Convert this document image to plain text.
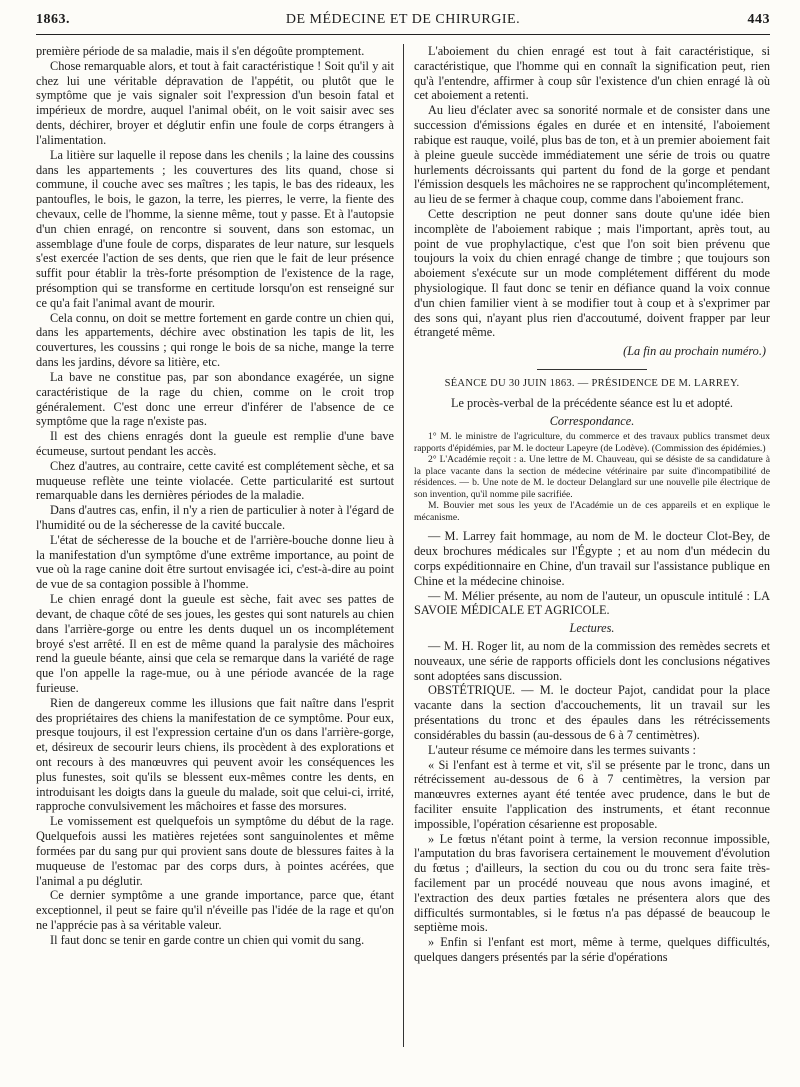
1863.	DE MÉDECINE ET DE CHIRURGIE.	443

première période de sa maladie, mais il s'en dégoûte promptement.

Chose remarquable alors, et tout à fait caractéristique ! Soit qu'il y ait chez lui une véritable dépravation de l'appétit, ou plutôt que le symptôme que je vais signaler soit l'expression d'un besoin fatal et impérieux de mordre, auquel l'animal obéit, on le voit saisir avec ses dents, déchirer, broyer et déglutir enfin une foule de corps étrangers à l'alimentation.

La litière sur laquelle il repose dans les chenils ; la laine des coussins dans les appartements ; les couvertures des lits quand, chose si commune, il couche avec ses maîtres ; les tapis, le bas des rideaux, les pantoufles, le bois, le gazon, la terre, les pierres, le verre, la fiente des chevaux, celle de l'homme, la sienne même, tout y passe. Et à l'autopsie d'un chien enragé, on rencontre si souvent, dans son estomac, un assemblage d'une foule de corps, disparates de leur nature, sur lesquels s'est exercée l'action de ses dents, que rien que le fait de leur présence suffit pour établir la très-forte présomption de l'existence de la rage, présomption qui se transforme en certitude lorsqu'on est renseigné sur ce qu'a fait l'animal avant de mourir.

Cela connu, on doit se mettre fortement en garde contre un chien qui, dans les appartements, déchire avec obstination les tapis de lit, les couvertures, les coussins ; qui ronge le bois de sa niche, mange la terre dans les jardins, dévore sa litière, etc.

La bave ne constitue pas, par son abondance exagérée, un signe caractéristique de la rage du chien, comme on le croit trop généralement. C'est donc une erreur d'inférer de l'absence de ce symptôme que la rage n'existe pas.

Il est des chiens enragés dont la gueule est remplie d'une bave écumeuse, surtout pendant les accès.

Chez d'autres, au contraire, cette cavité est complétement sèche, et sa muqueuse reflète une teinte violacée. Cette particularité est surtout remarquable dans les dernières périodes de la maladie.

Dans d'autres cas, enfin, il n'y a rien de particulier à noter à l'égard de l'humidité ou de la sécheresse de la cavité buccale.

L'état de sécheresse de la bouche et de l'arrière-bouche donne lieu à la manifestation d'un symptôme d'une extrême importance, au point de vue où la rage canine doit être surtout envisagée ici, c'est-à-dire au point de vue de sa contagion possible à l'homme.

Le chien enragé dont la gueule est sèche, fait avec ses pattes de devant, de chaque côté de ses joues, les gestes qui sont naturels au chien dans l'arrière-gorge ou entre les dents duquel un os incomplétement broyé s'est arrêté. Il en est de même quand la paralysie des mâchoires rend la gueule béante, ainsi que cela se remarque dans la variété de rage que l'on appelle la rage-mue, ou à une période avancée de la rage furieuse.

Rien de dangereux comme les illusions que fait naître dans l'esprit des propriétaires des chiens la manifestation de ce symptôme. Pour eux, presque toujours, il est l'expression certaine d'un os dans l'arrière-gorge, et, désireux de secourir leurs chiens, ils procèdent à des explorations et ont recours à des manœuvres qui peuvent avoir les conséquences les plus funestes, soit qu'ils se blessent eux-mêmes contre les dents, en introduisant les doigts dans la gueule du malade, soit que celui-ci, irrité, rapproche convulsivement les mâchoires et fasse des morsures.

Le vomissement est quelquefois un symptôme du début de la rage. Quelquefois aussi les matières rejetées sont sanguinolentes et même formées par du sang pur qui provient sans doute de blessures faites à la muqueuse de l'estomac par des corps durs, à pointes acérées, que l'animal a pu déglutir.

Ce dernier symptôme a une grande importance, parce que, étant exceptionnel, il peut se faire qu'il n'éveille pas l'idée de la rage et qu'on ne l'apprécie pas à sa véritable valeur.

Il faut donc se tenir en garde contre un chien qui vomit du sang.

L'aboiement du chien enragé est tout à fait caractéristique, si caractéristique, que l'homme qui en connaît la signification peut, rien qu'à l'entendre, affirmer à coup sûr l'existence d'un chien enragé là où cet aboiement a retenti.

Au lieu d'éclater avec sa sonorité normale et de consister dans une succession d'émissions égales en durée et en intensité, l'aboiement rabique est rauque, voilé, plus bas de ton, et à un premier aboiement fait à pleine gueule succède immédiatement une série de trois ou quatre hurlements décroissants qui partent du fond de la gorge et pendant l'émission desquels les mâchoires ne se rapprochent qu'incomplétement, au lieu de se fermer à chaque coup, comme dans l'aboiement franc.

Cette description ne peut donner sans doute qu'une idée bien incomplète de l'aboiement rabique ; mais l'important, après tout, au point de vue prophylactique, c'est que l'on soit bien prévenu que toujours la voix du chien enragé change de timbre ; que toujours son aboiement s'exécute sur un mode complétement différent du mode physiologique. Il faut donc se tenir en défiance quand la voix connue d'un chien familier vient à se modifier tout à coup et à s'exprimer par des sons qui, n'ayant plus rien d'accoutumé, doivent frapper par leur étrangeté même.

(La fin au prochain numéro.)

SÉANCE DU 30 JUIN 1863. — PRÉSIDENCE DE M. LARREY.

Le procès-verbal de la précédente séance est lu et adopté.

Correspondance.

1° M. le ministre de l'agriculture, du commerce et des travaux publics transmet deux rapports d'épidémies, par M. le docteur Lapeyre (de Lodève). (Commission des épidémies.)

2° L'Académie reçoit : a. Une lettre de M. Chauveau, qui se désiste de sa candidature à la place vacante dans la section de médecine vétérinaire par suite d'incompatibilité de résidences. — b. Une note de M. le docteur Delanglard sur une nouvelle pile électrique de son invention, qu'il nomme pile sacrifiée.

M. Bouvier met sous les yeux de l'Académie un de ces appareils et en explique le mécanisme.

— M. Larrey fait hommage, au nom de M. le docteur Clot-Bey, de deux brochures médicales sur l'Égypte ; et au nom d'un médecin du corps expéditionnaire en Chine, d'un travail sur l'assistance publique en Chine et la médecine chinoise.

— M. Mélier présente, au nom de l'auteur, un opuscule intitulé : LA SAVOIE MÉDICALE ET AGRICOLE.

Lectures.

— M. H. Roger lit, au nom de la commission des remèdes secrets et nouveaux, une série de rapports officiels dont les conclusions négatives sont adoptées sans discussion.

OBSTÉTRIQUE. — M. le docteur Pajot, candidat pour la place vacante dans la section d'accouchements, lit un travail sur les présentations du tronc et des épaules dans les rétrécissements considérables du bassin (au-dessous de 6 à 7 centimètres).

L'auteur résume ce mémoire dans les termes suivants :

« Si l'enfant est à terme et vit, s'il se présente par le tronc, dans un rétrécissement au-dessous de 6 à 7 centimètres, la version par manœuvres externes ayant été tentée avec prudence, dans le but de faciliter ensuite l'application des instruments, et étant reconnue impossible, l'opération césarienne est proposable.

» Le fœtus n'étant point à terme, la version reconnue impossible, l'amputation du bras favorisera certainement le mouvement d'évolution du fœtus ; d'ailleurs, la section du cou ou du tronc sera faite très-facilement par un procédé nouveau que nous avons imaginé, et l'extraction des deux parties fœtales ne présentera alors que des difficultés surmontables, si le fœtus n'a pas dépassé de beaucoup le septième mois.

» Enfin si l'enfant est mort, même à terme, quelques difficultés, quelques dangers présentés par la série d'opérations
